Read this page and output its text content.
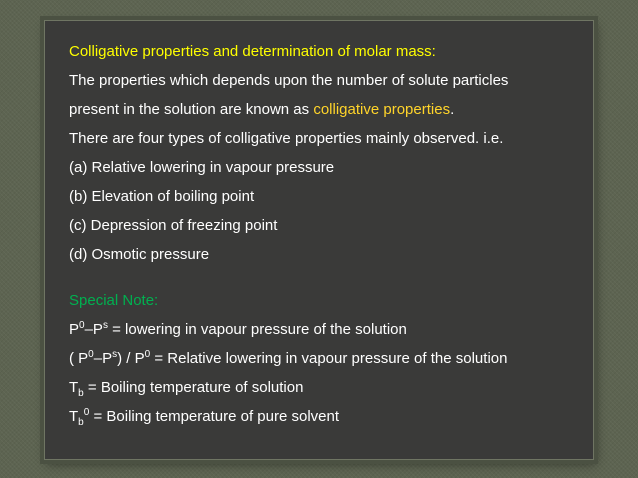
Colligative properties and determination of molar mass:
The properties which depends upon the number of solute particles
present in the solution are known as colligative properties.
There are four types of colligative properties mainly observed. i.e.
(a) Relative lowering in vapour pressure
(b) Elevation of boiling point
(c) Depression of freezing point
(d) Osmotic pressure
Special Note:
$P^0-P^s$ = lowering in vapour pressure of the solution
( $P^0-P^s) / P^0$ = Relative lowering in vapour pressure of the solution
$T_b$ = Boiling temperature of solution
$T_b^0$ = Boiling temperature of pure solvent
